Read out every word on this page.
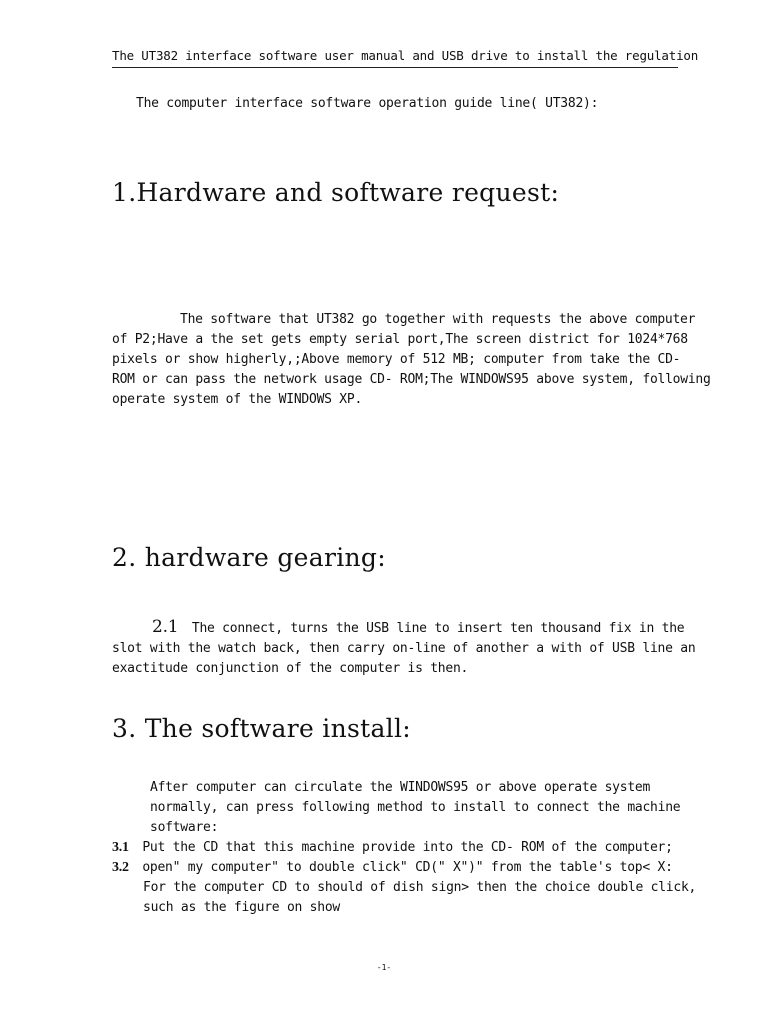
The UT382 interface software user manual and USB drive to install the regulation
The computer interface software operation guide line( UT382):
1.Hardware and software request:
The software that UT382 go together with requests the above computer
of P2;Have a the set gets empty serial port,The screen district for 1024*768
pixels or show higherly,;Above memory of 512 MB; computer from take the CD-
ROM or can pass the network usage CD- ROM;The WINDOWS95 above system, following
operate system of the WINDOWS XP.
2. hardware gearing:
2.1 The connect, turns the USB line to insert ten thousand fix in the
slot with the watch back, then carry on-line of another a with of USB line an
exactitude conjunction of the computer is then.
3. The software install:
After computer can circulate the WINDOWS95 or above operate system
normally, can press following method to install to connect the machine
software:
3.1 Put the CD that this machine provide into the CD- ROM of the computer;
3.2 open" my computer" to double click" CD(" X")" from the table's top< X:
For the computer CD to should of dish sign> then the choice double click,
such as the figure on show
-1-
